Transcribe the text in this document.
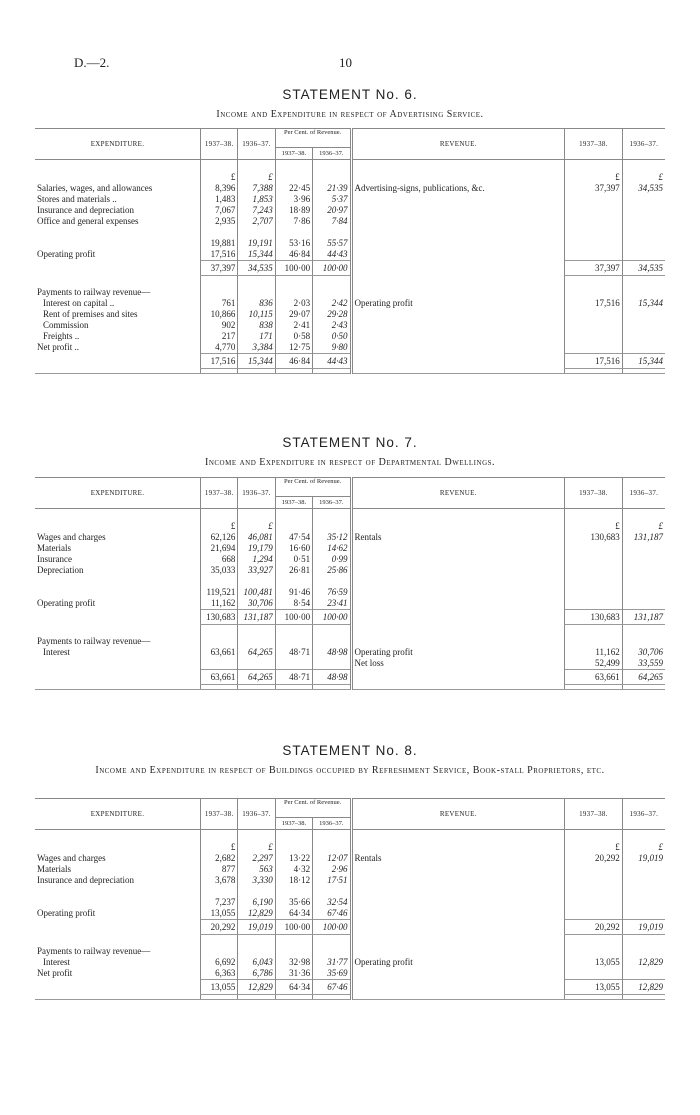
D.—2.	10
STATEMENT No. 6.
Income and Expenditure in respect of Advertising Service.
EXPENDITURE.	1937–38.	1936–37.	Per Cent. of Revenue.		REVENUE.	1937–38.	1936–37.
			1937–38.	1936–37.			

	£	£				£	£
Salaries, wages, and allowances	8,396	7,388	22·45	21·39	Advertising-signs, publications, &c.	37,397	34,535
Stores and materials ..	1,483	1,853	3·96	5·37			
Insurance and depreciation	7,067	7,243	18·89	20·97			
Office and general expenses	2,935	2,707	7·86	7·84			

	19,881	19,191	53·16	55·57			
Operating profit	17,516	15,344	46·84	44·43			
	37,397	34,535	100·00	100·00		37,397	34,535

Payments to railway revenue—							
Interest on capital ..	761	836	2·03	2·42	Operating profit	17,516	15,344
Rent of premises and sites	10,866	10,115	29·07	29·28			
Commission	902	838	2·41	2·43			
Freights ..	217	171	0·58	0·50			
Net profit ..	4,770	3,384	12·75	9·80			
	17,516	15,344	46·84	44·43		17,516	15,344

STATEMENT No. 7.
Income and Expenditure in respect of Departmental Dwellings.
EXPENDITURE.	1937–38.	1936–37.	Per Cent. of Revenue.		REVENUE.	1937–38.	1936–37.
			1937–38.	1936–37.			

	£	£				£	£
Wages and charges	62,126	46,081	47·54	35·12	Rentals	130,683	131,187
Materials	21,694	19,179	16·60	14·62			
Insurance	668	1,294	0·51	0·99			
Depreciation	35,033	33,927	26·81	25·86			

	119,521	100,481	91·46	76·59			
Operating profit	11,162	30,706	8·54	23·41			
	130,683	131,187	100·00	100·00		130,683	131,187

Payments to railway revenue—							
Interest	63,661	64,265	48·71	48·98	Operating profit	11,162	30,706
					Net loss	52,499	33,559
	63,661	64,265	48·71	48·98		63,661	64,265

STATEMENT No. 8.
Income and Expenditure in respect of Buildings occupied by Refreshment Service, Book-stall Proprietors, etc.
EXPENDITURE.	1937–38.	1936–37.	Per Cent. of Revenue.		REVENUE.	1937–38.	1936–37.
			1937–38.	1936–37.			

	£	£				£	£
Wages and charges	2,682	2,297	13·22	12·07	Rentals	20,292	19,019
Materials	877	563	4·32	2·96			
Insurance and depreciation	3,678	3,330	18·12	17·51			

	7,237	6,190	35·66	32·54			
Operating profit	13,055	12,829	64·34	67·46			
	20,292	19,019	100·00	100·00		20,292	19,019

Payments to railway revenue—							
Interest	6,692	6,043	32·98	31·77	Operating profit	13,055	12,829
Net profit	6,363	6,786	31·36	35·69			
	13,055	12,829	64·34	67·46		13,055	12,829
